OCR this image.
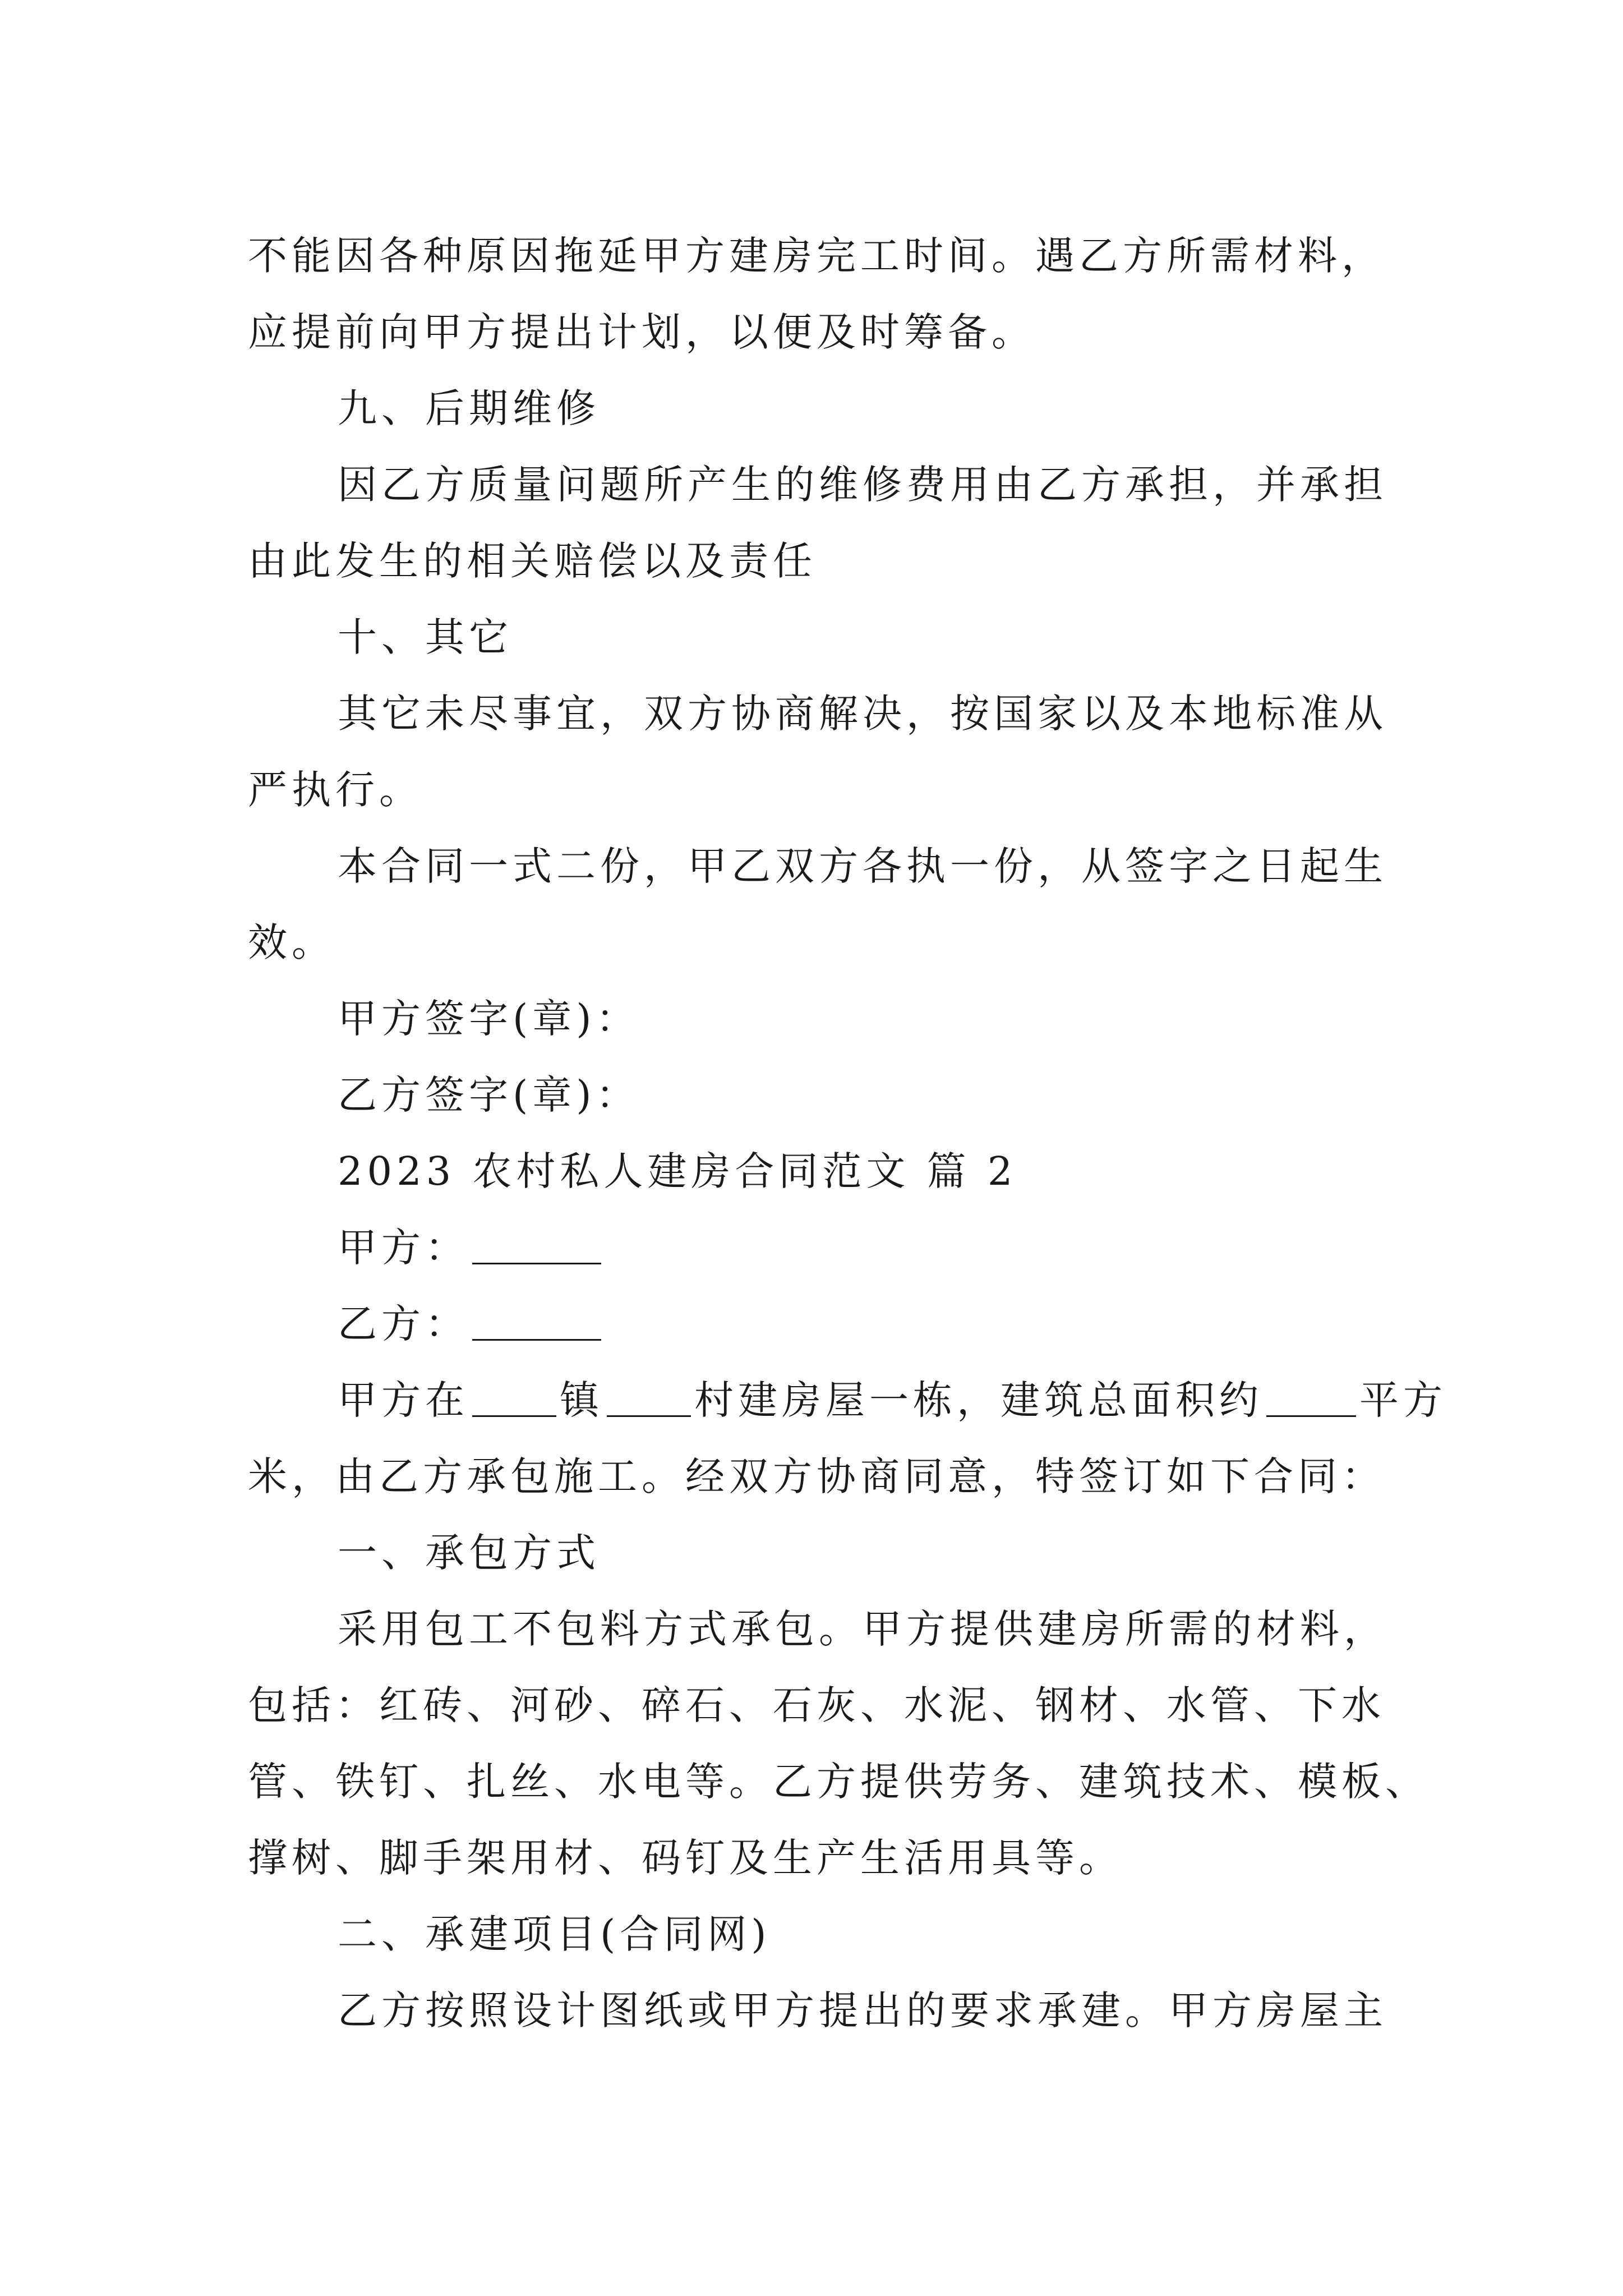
不能因各种原因拖延甲方建房完工时间。遇乙方所需材料，
应提前向甲方提出计划，以便及时筹备。
九、后期维修
因乙方质量问题所产生的维修费用由乙方承担，并承担
由此发生的相关赔偿以及责任
十、其它
其它未尽事宜，双方协商解决，按国家以及本地标准从
严执行。
本合同一式二份，甲乙双方各执一份，从签字之日起生
效。
甲方签字(章)：
乙方签字(章)：
2023 农村私人建房合同范文 篇 2
甲方：
乙方：
甲方在 镇 村建房屋一栋，建筑总面积约 平方
米，由乙方承包施工。经双方协商同意，特签订如下合同：
一、承包方式
采用包工不包料方式承包。甲方提供建房所需的材料，
包括：红砖、河砂、碎石、石灰、水泥、钢材、水管、下水
管、铁钉、扎丝、水电等。乙方提供劳务、建筑技术、模板、
撑树、脚手架用材、码钉及生产生活用具等。
二、承建项目(合同网)
乙方按照设计图纸或甲方提出的要求承建。甲方房屋主
